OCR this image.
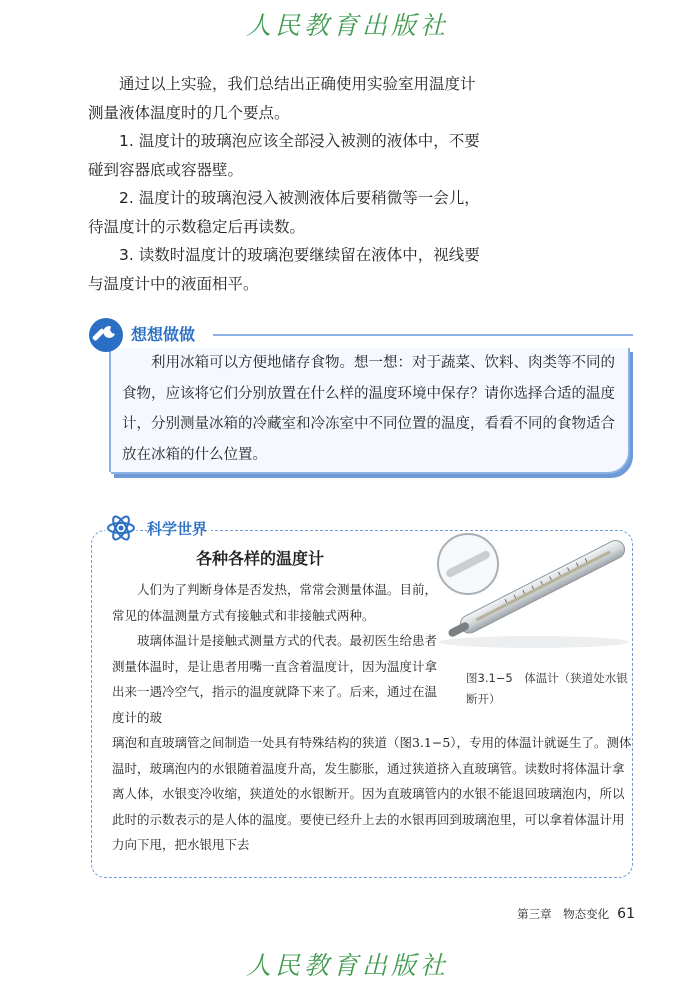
人民教育出版社

通过以上实验，我们总结出正确使用实验室用温度计测量液体温度时的几个要点。

1. 温度计的玻璃泡应该全部浸入被测的液体中，不要碰到容器底或容器壁。

2. 温度计的玻璃泡浸入被测液体后要稍微等一会儿，待温度计的示数稳定后再读数。

3. 读数时温度计的玻璃泡要继续留在液体中，视线要与温度计中的液面相平。

想想做做

利用冰箱可以方便地储存食物。想一想：对于蔬菜、饮料、肉类等不同的食物，应该将它们分别放置在什么样的温度环境中保存？请你选择合适的温度计，分别测量冰箱的冷藏室和冷冻室中不同位置的温度，看看不同的食物适合放在冰箱的什么位置。

科学世界
各种各样的温度计
图3.1−5　体温计（狭道处水银断开）

人们为了判断身体是否发热，常常会测量体温。目前，常见的体温测量方式有接触式和非接触式两种。

玻璃体温计是接触式测量方式的代表。最初医生给患者测量体温时，是让患者用嘴一直含着温度计，因为温度计拿出来一遇冷空气，指示的温度就降下来了。后来，通过在温度计的玻

璃泡和直玻璃管之间制造一处具有特殊结构的狭道（图3.1−5），专用的体温计就诞生了。测体温时，玻璃泡内的水银随着温度升高，发生膨胀，通过狭道挤入直玻璃管。读数时将体温计拿离人体，水银变冷收缩，狭道处的水银断开。因为直玻璃管内的水银不能退回玻璃泡内，所以此时的示数表示的是人体的温度。要使已经升上去的水银再回到玻璃泡里，可以拿着体温计用力向下甩，把水银甩下去

第三章　物态变化 61
人民教育出版社
